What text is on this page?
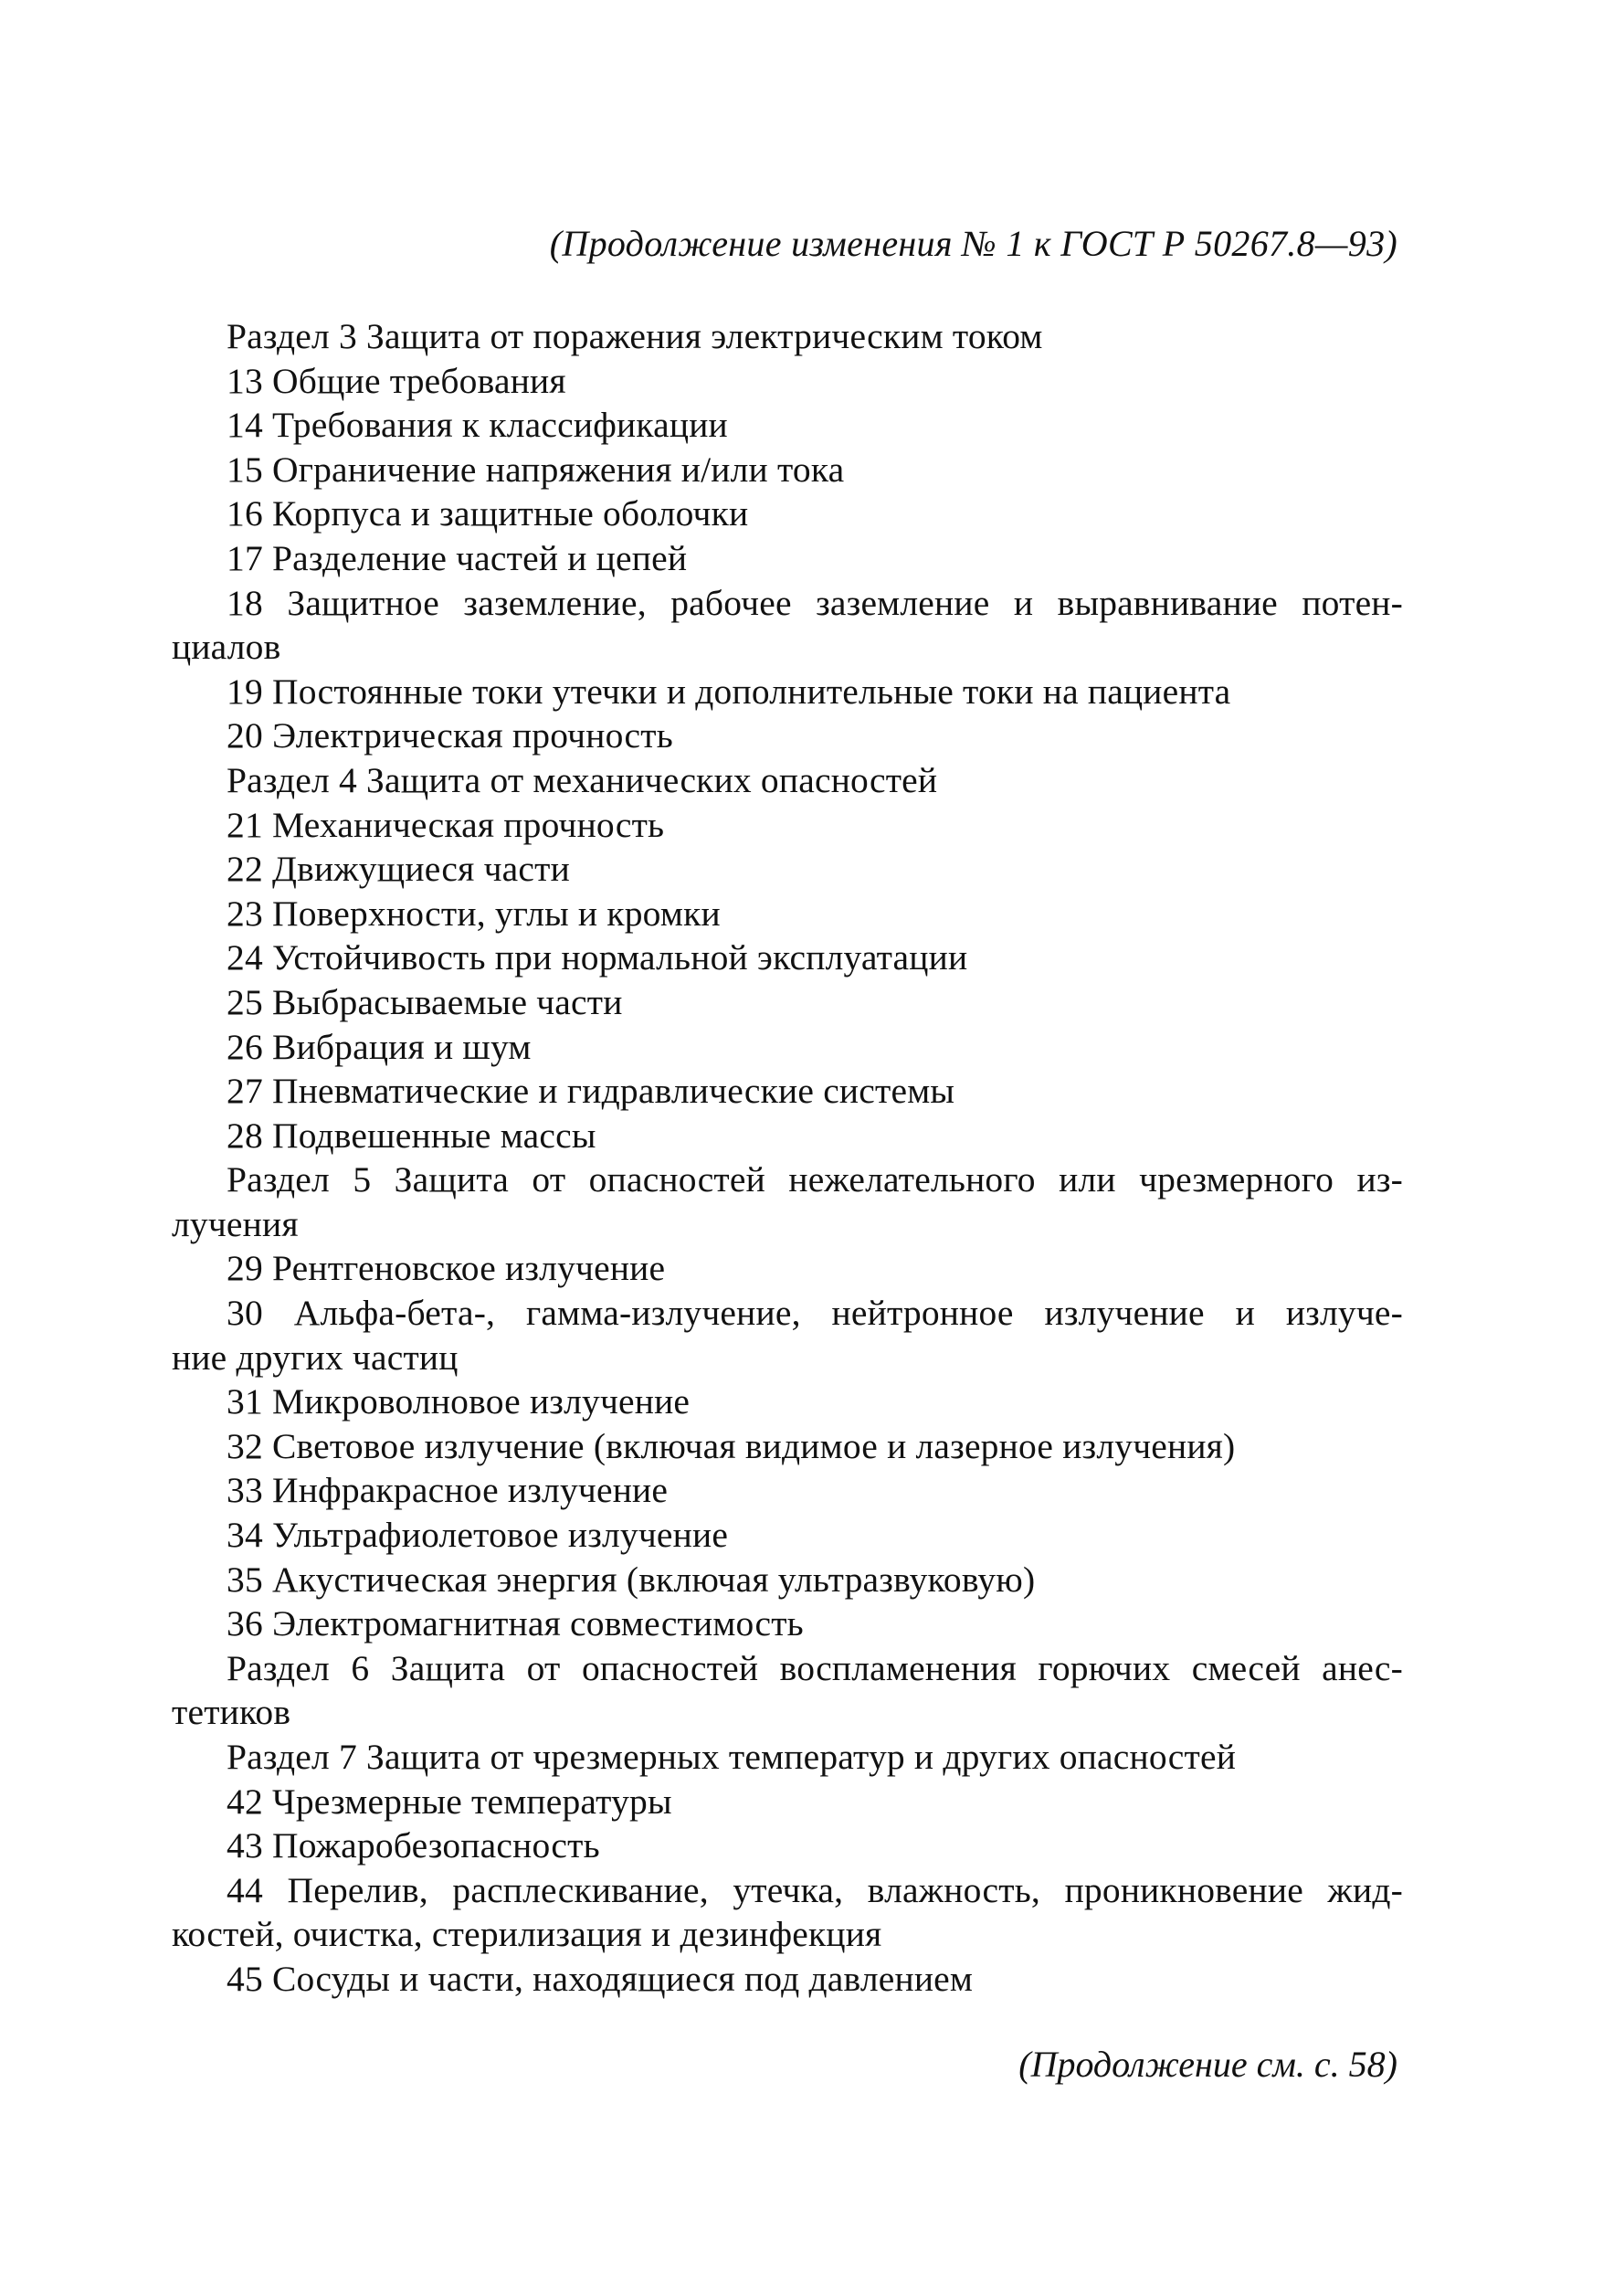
(Продолжение изменения № 1 к ГОСТ Р 50267.8—93)
Раздел 3 Защита от поражения электрическим током
13 Общие требования
14 Требования к классификации
15 Ограничение напряжения и/или тока
16 Корпуса и защитные оболочки
17 Разделение частей и цепей
18 Защитное заземление, рабочее заземление и выравнивание потен-
циалов
19 Постоянные токи утечки и дополнительные токи на пациента
20 Электрическая прочность
Раздел 4 Защита от механических опасностей
21 Механическая прочность
22 Движущиеся части
23 Поверхности, углы и кромки
24 Устойчивость при нормальной эксплуатации
25 Выбрасываемые части
26 Вибрация и шум
27 Пневматические и гидравлические системы
28 Подвешенные массы
Раздел 5 Защита от опасностей нежелательного или чрезмерного из-
лучения
29 Рентгеновское излучение
30 Альфа-бета-, гамма-излучение, нейтронное излучение и излуче-
ние других частиц
31 Микроволновое излучение
32 Световое излучение (включая видимое и лазерное излучения)
33 Инфракрасное излучение
34 Ультрафиолетовое излучение
35 Акустическая энергия (включая ультразвуковую)
36 Электромагнитная совместимость
Раздел 6 Защита от опасностей воспламенения горючих смесей анес-
тетиков
Раздел 7 Защита от чрезмерных температур и других опасностей
42 Чрезмерные температуры
43 Пожаробезопасность
44 Перелив, расплескивание, утечка, влажность, проникновение жид-
костей, очистка, стерилизация и дезинфекция
45 Сосуды и части, находящиеся под давлением
(Продолжение см. с. 58)
